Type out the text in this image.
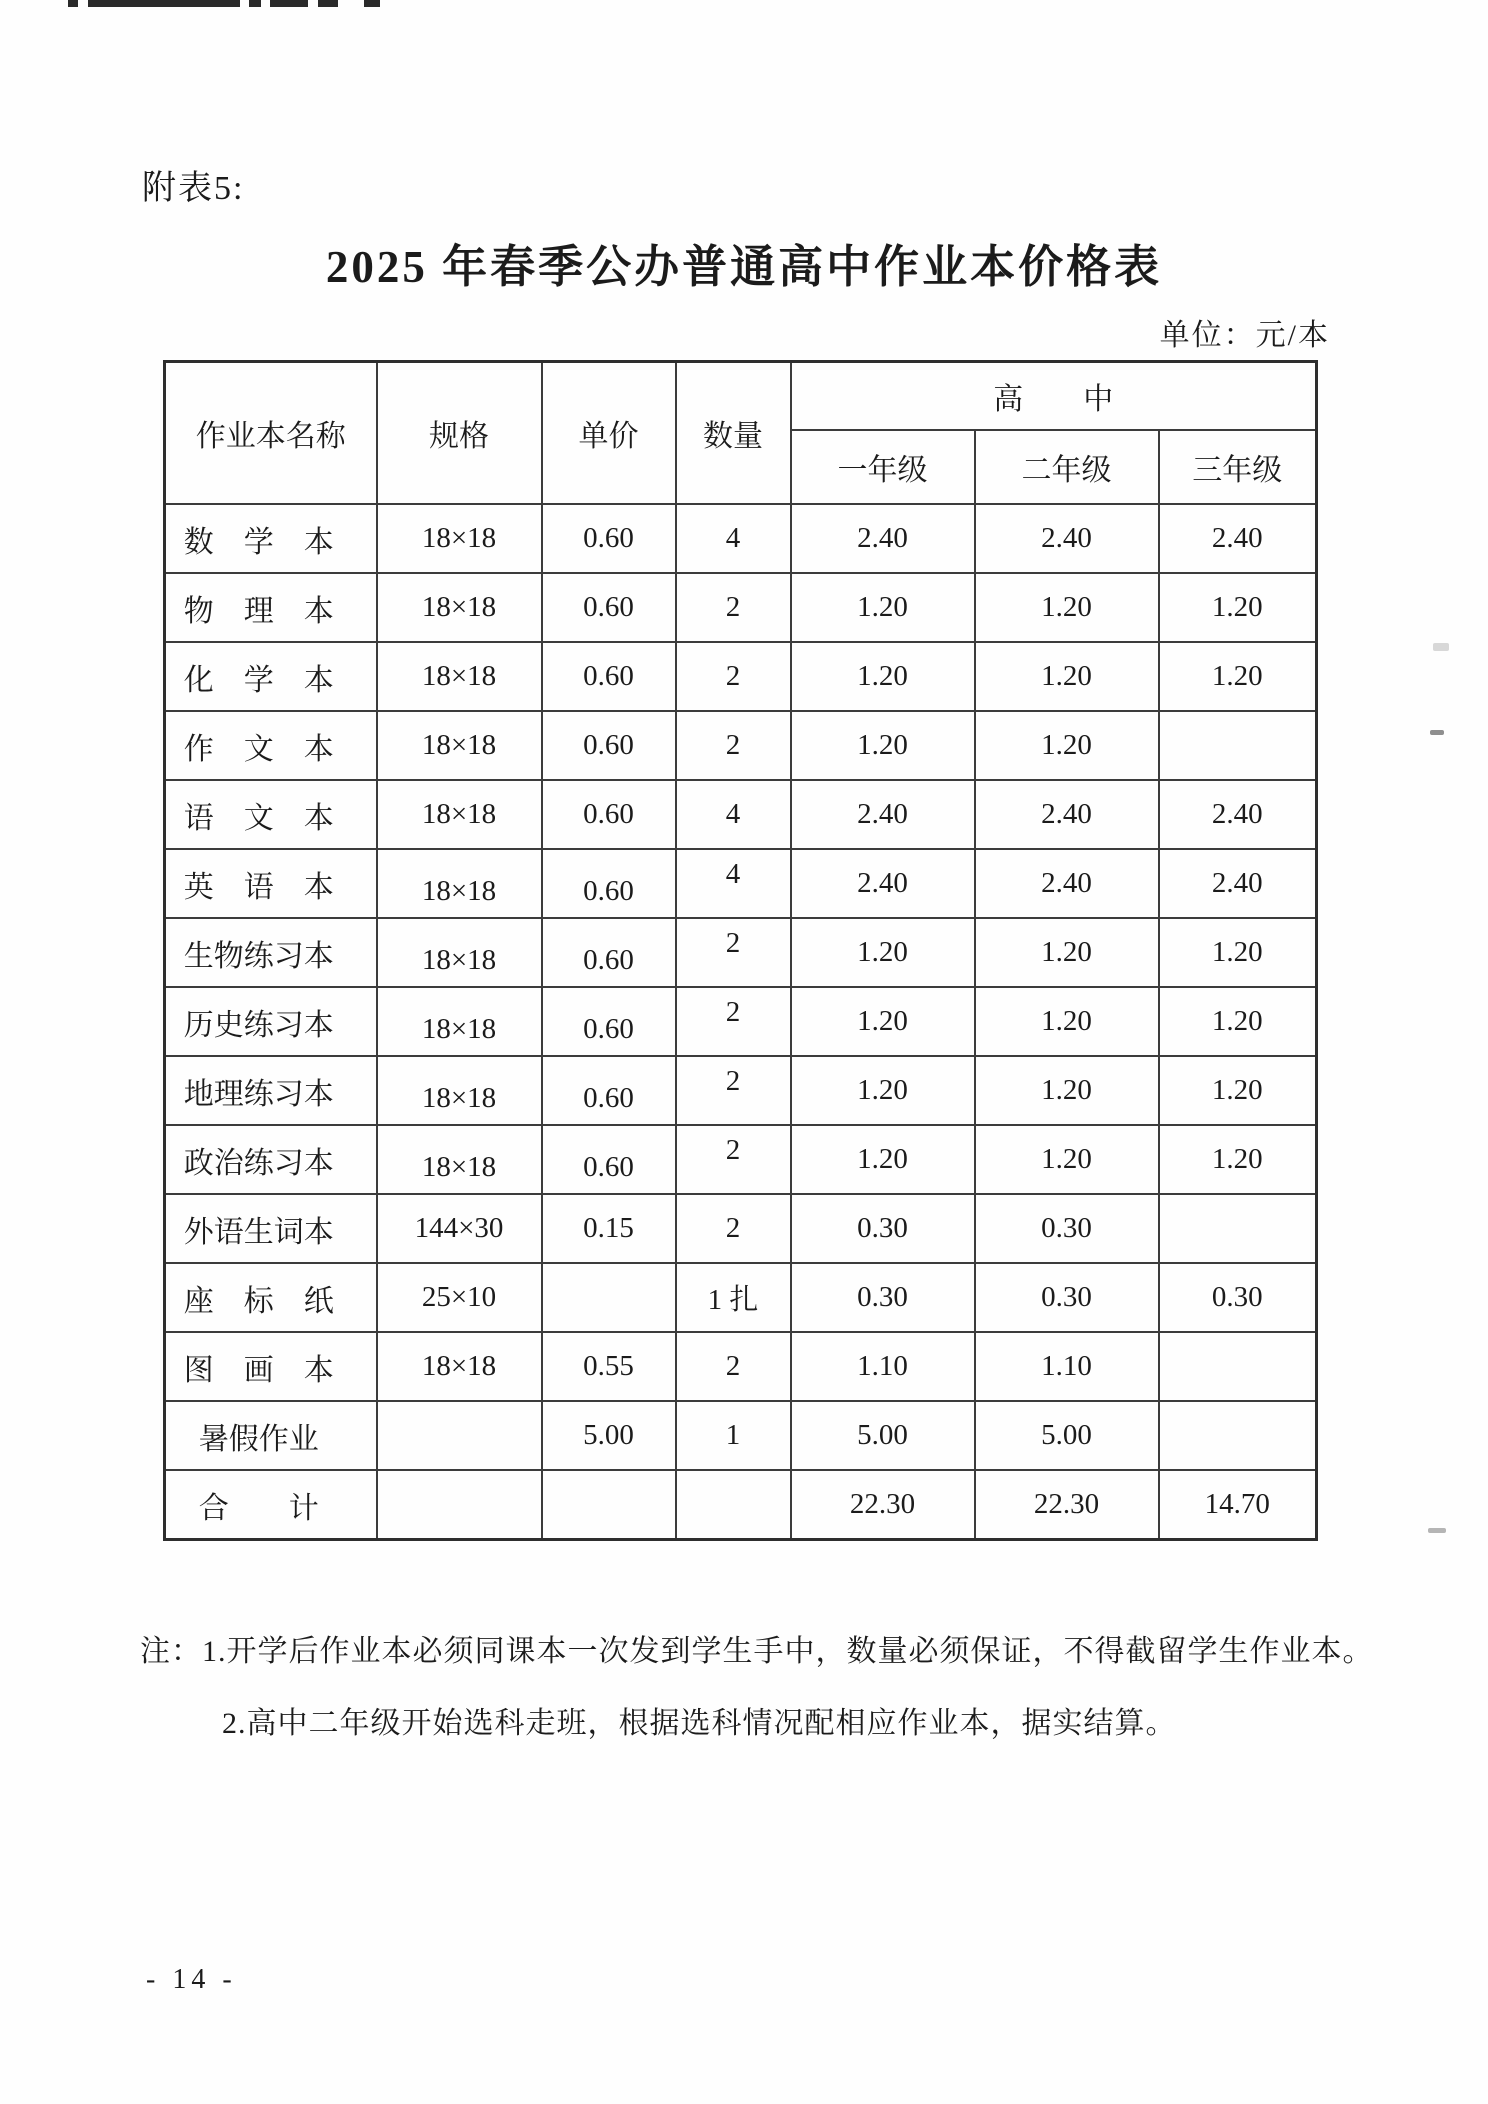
附表5:
2025 年春季公办普通高中作业本价格表
单位：元/本
作业本名称	规格	单价	数量	高　　中		
				一年级	二年级	三年级
数　学　本	18×18	0.60	4	2.40	2.40	2.40
物　理　本	18×18	0.60	2	1.20	1.20	1.20
化　学　本	18×18	0.60	2	1.20	1.20	1.20
作　文　本	18×18	0.60	2	1.20	1.20	
语　文　本	18×18	0.60	4	2.40	2.40	2.40
英　语　本	18×18	0.60	4	2.40	2.40	2.40
生物练习本	18×18	0.60	2	1.20	1.20	1.20
历史练习本	18×18	0.60	2	1.20	1.20	1.20
地理练习本	18×18	0.60	2	1.20	1.20	1.20
政治练习本	18×18	0.60	2	1.20	1.20	1.20
外语生词本	144×30	0.15	2	0.30	0.30	
座　标　纸	25×10		1 扎	0.30	0.30	0.30
图　画　本	18×18	0.55	2	1.10	1.10	
暑假作业		5.00	1	5.00	5.00	
合　　计				22.30	22.30	14.70
注：1.开学后作业本必须同课本一次发到学生手中，数量必须保证，不得截留学生作业本。
2.高中二年级开始选科走班，根据选科情况配相应作业本，据实结算。
- 14 -
